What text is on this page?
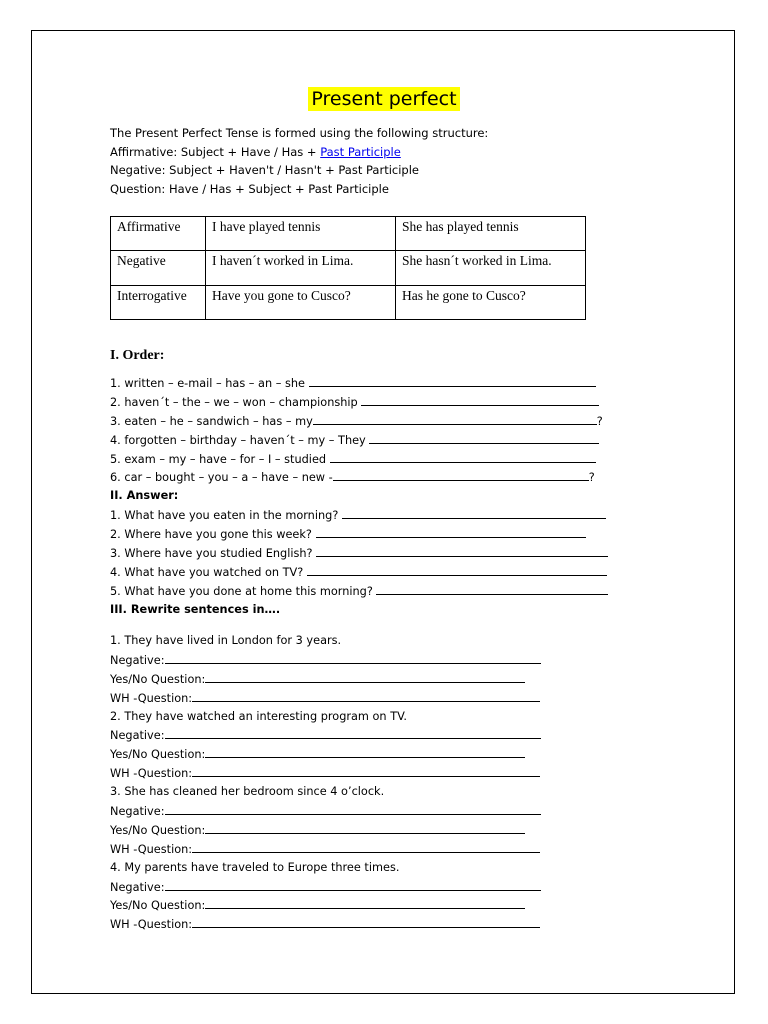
Present perfect
The Present Perfect Tense is formed using the following structure:
Affirmative: Subject + Have / Has + Past Participle
Negative: Subject + Haven't / Hasn't + Past Participle
Question: Have / Has + Subject + Past Participle
Affirmative	I have played tennis	She has played tennis
Negative	I haven´t worked in Lima.	She hasn´t worked in Lima.
Interrogative	Have you gone to Cusco?	Has he gone to Cusco?
I. Order:
1. written – e-mail – has – an – she
2. haven´t – the – we – won – championship
3. eaten – he – sandwich – has – my	?
4. forgotten – birthday – haven´t – my – They
5. exam – my – have – for – I – studied
6. car – bought – you – a – have – new -	?
II. Answer:
1. What have you eaten in the morning?
2. Where have you gone this week?
3. Where have you studied English?
4. What have you watched on TV?
5. What have you done at home this morning?
III. Rewrite sentences in….
1. They have lived in London for 3 years.
Negative:
Yes/No Question:
WH -Question:
2. They have watched an interesting program on TV.
Negative:
Yes/No Question:
WH -Question:
3. She has cleaned her bedroom since 4 o’clock.
Negative:
Yes/No Question:
WH -Question:
4. My parents have traveled to Europe three times.
Negative:
Yes/No Question:
WH -Question:
